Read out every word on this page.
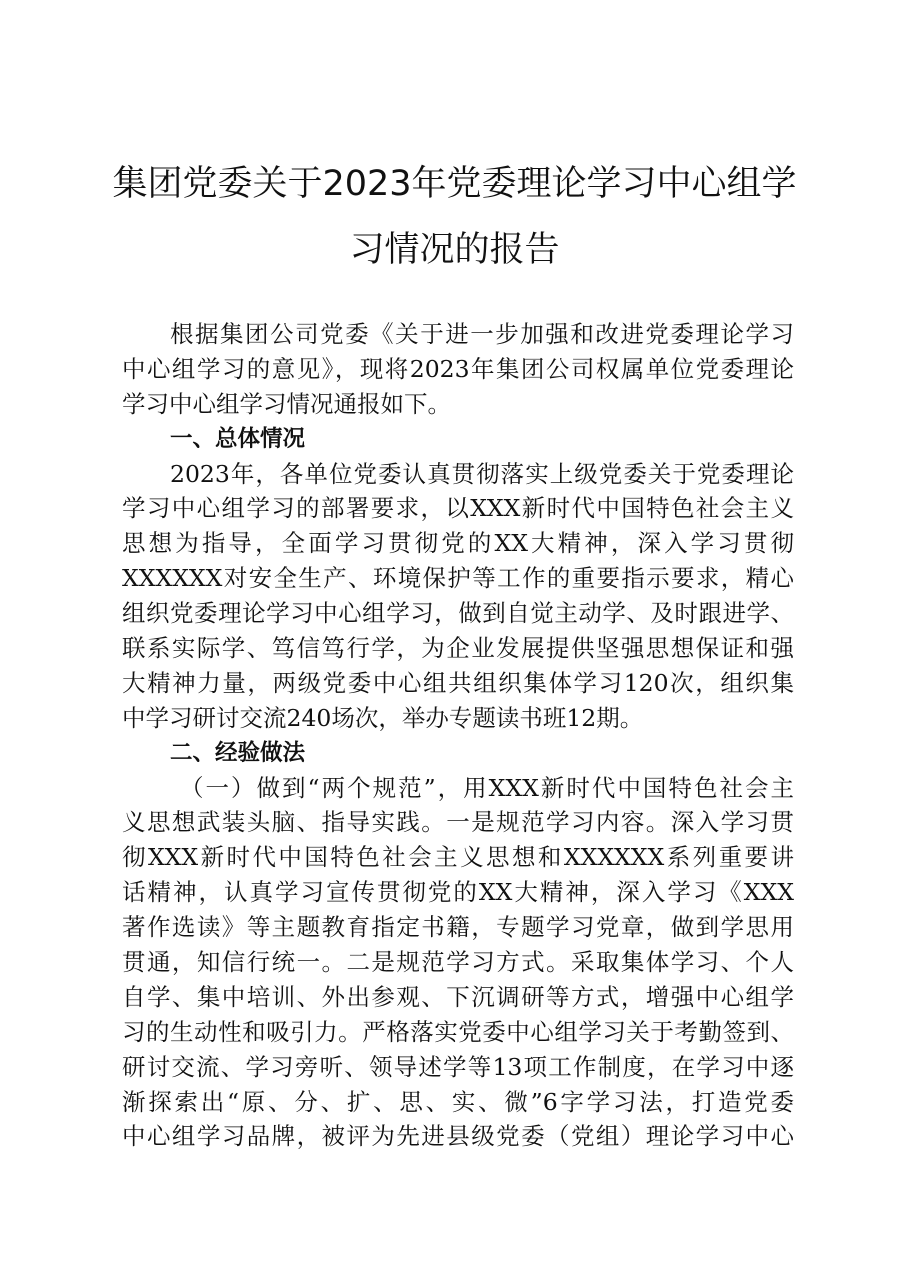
集团党委关于2023年党委理论学习中心组学
习情况的报告
根据集团公司党委《关于进一步加强和改进党委理论学习
中心组学习的意见》，现将2023年集团公司权属单位党委理论
学习中心组学习情况通报如下。
一、总体情况
2023年，各单位党委认真贯彻落实上级党委关于党委理论
学习中心组学习的部署要求，以XXX新时代中国特色社会主义
思想为指导，全面学习贯彻党的XX大精神，深入学习贯彻
XXXXXX对安全生产、环境保护等工作的重要指示要求，精心
组织党委理论学习中心组学习，做到自觉主动学、及时跟进学、
联系实际学、笃信笃行学，为企业发展提供坚强思想保证和强
大精神力量，两级党委中心组共组织集体学习120次，组织集
中学习研讨交流240场次，举办专题读书班12期。
二、经验做法
（一）做到“两个规范”，用XXX新时代中国特色社会主
义思想武装头脑、指导实践。一是规范学习内容。深入学习贯
彻XXX新时代中国特色社会主义思想和XXXXXX系列重要讲
话精神，认真学习宣传贯彻党的XX大精神，深入学习《XXX
著作选读》等主题教育指定书籍，专题学习党章，做到学思用
贯通，知信行统一。二是规范学习方式。采取集体学习、个人
自学、集中培训、外出参观、下沉调研等方式，增强中心组学
习的生动性和吸引力。严格落实党委中心组学习关于考勤签到、
研讨交流、学习旁听、领导述学等13项工作制度，在学习中逐
渐探索出“原、分、扩、思、实、微”6字学习法，打造党委
中心组学习品牌，被评为先进县级党委（党组）理论学习中心
